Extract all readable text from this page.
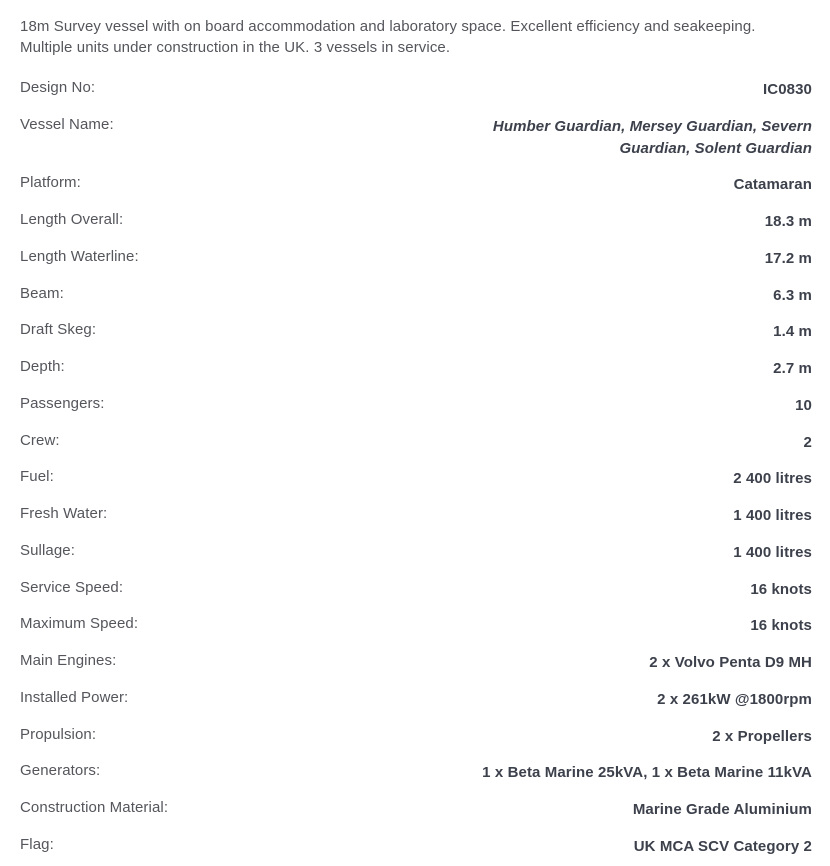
18m Survey vessel with on board accommodation and laboratory space. Excellent efficiency and seakeeping. Multiple units under construction in the UK. 3 vessels in service.

Design No:	IC0830
Vessel Name:	Humber Guardian, Mersey Guardian, Severn Guardian, Solent Guardian
Platform:	Catamaran
Length Overall:	18.3 m
Length Waterline:	17.2 m
Beam:	6.3 m
Draft Skeg:	1.4 m
Depth:	2.7 m
Passengers:	10
Crew:	2
Fuel:	2 400 litres
Fresh Water:	1 400 litres
Sullage:	1 400 litres
Service Speed:	16 knots
Maximum Speed:	16 knots
Main Engines:	2 x Volvo Penta D9 MH
Installed Power:	2 x 261kW @1800rpm
Propulsion:	2 x Propellers
Generators:	1 x Beta Marine 25kVA, 1 x Beta Marine 11kVA
Construction Material:	Marine Grade Aluminium
Flag:	UK MCA SCV Category 2
